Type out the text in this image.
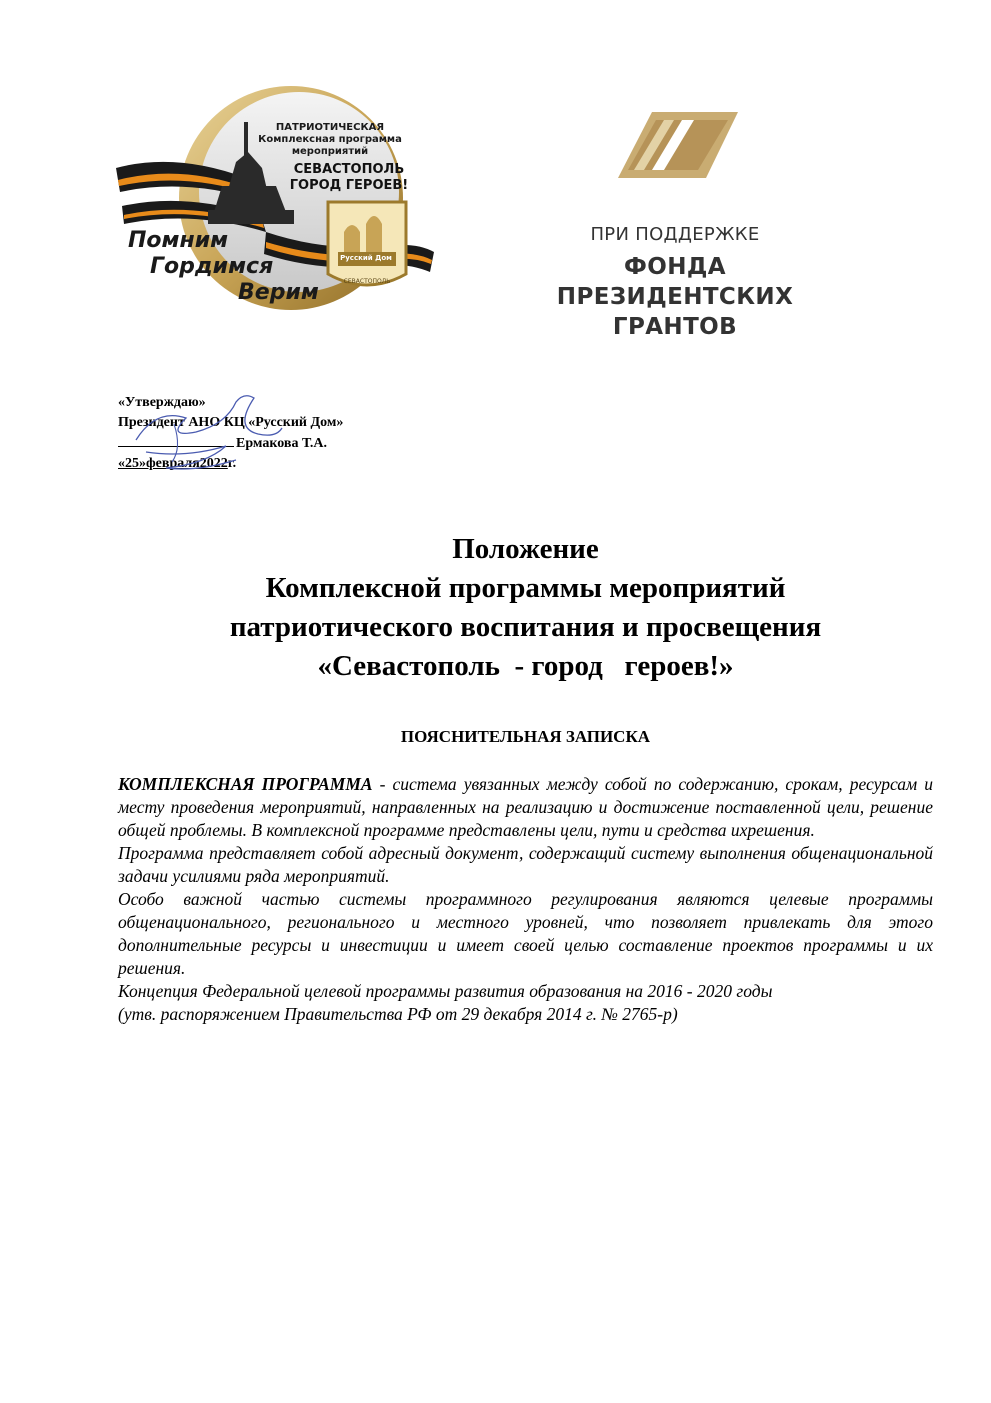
ПАТРИОТИЧЕСКАЯ
Комплексная программа
мероприятий
СЕВАСТОПОЛЬ
ГОРОД ГЕРОЕВ!
Помним
Гордимся
Верим
Русский Дом
СЕВАСТОПОЛЬ
ПРИ ПОДДЕРЖКЕ
ФОНДА
ПРЕЗИДЕНТСКИХ
ГРАНТОВ
«Утверждаю»
Президент АНО КЦ «Русский Дом»
Ермакова Т.А.
«25»февраля2022г.
Положение
Комплексной программы мероприятий
патриотического воспитания и просвещения
«Севастополь  - город   героев!»
ПОЯСНИТЕЛЬНАЯ ЗАПИСКА

КОМПЛЕКСНАЯ ПРОГРАММА - система увязанных между собой по содержанию, срокам, ресурсам и месту проведения мероприятий, направленных на реализацию и достижение поставленной цели, решение общей проблемы. В комплексной программе представлены цели, пути и средства ихрешения.

Программа представляет собой адресный документ, содержащий систему выполнения общенациональной задачи усилиями ряда мероприятий.

Особо важной частью системы программного регулирования являются целевые программы общенационального, регионального и местного уровней, что позволяет привлекать для этого дополнительные ресурсы и инвестиции и имеет своей целью составление проектов программы и их решения.

Концепция Федеральной целевой программы развития образования на 2016 - 2020 годы

(утв. распоряжением Правительства РФ от 29 декабря 2014 г. № 2765-р)
